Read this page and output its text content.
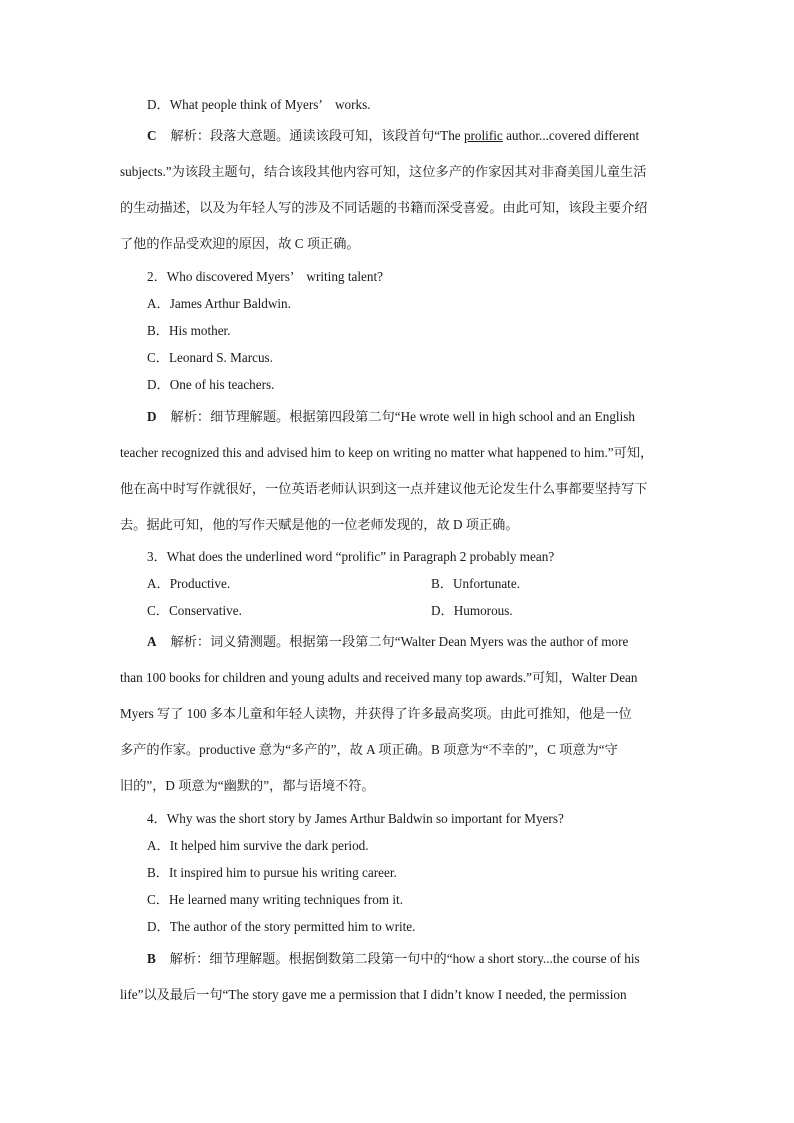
D．What people think of Myers’　works.
C 解析：段落大意题。通读该段可知，该段首句“The prolific author...covered different
subjects.”为该段主题句，结合该段其他内容可知，这位多产的作家因其对非裔美国儿童生活
的生动描述，以及为年轻人写的涉及不同话题的书籍而深受喜爱。由此可知，该段主要介绍
了他的作品受欢迎的原因，故 C 项正确。
2．Who discovered Myers’　writing talent?
A．James Arthur Baldwin.
B．His mother.
C．Leonard S. Marcus.
D．One of his teachers.
D 解析：细节理解题。根据第四段第二句“He wrote well in high school and an English
teacher recognized this and advised him to keep on writing no matter what happened to him.”可知，
他在高中时写作就很好，一位英语老师认识到这一点并建议他无论发生什么事都要坚持写下
去。据此可知，他的写作天赋是他的一位老师发现的，故 D 项正确。
3．What does the underlined word “prolific” in Paragraph 2 probably mean?
A．Productive.	B．Unfortunate.
C．Conservative.	D．Humorous.
A 解析：词义猜测题。根据第一段第二句“Walter Dean Myers was the author of more
than 100 books for children and young adults and received many top awards.”可知，Walter Dean
Myers 写了 100 多本儿童和年轻人读物，并获得了许多最高奖项。由此可推知，他是一位
多产的作家。productive 意为“多产的”，故 A 项正确。B 项意为“不幸的”，C 项意为“守
旧的”，D 项意为“幽默的”，都与语境不符。
4．Why was the short story by James Arthur Baldwin so important for Myers?
A．It helped him survive the dark period.
B．It inspired him to pursue his writing career.
C．He learned many writing techniques from it.
D．The author of the story permitted him to write.
B 解析：细节理解题。根据倒数第二段第一句中的“how a short story...the course of his
life”以及最后一句“The story gave me a permission that I didn’t know I needed, the permission
